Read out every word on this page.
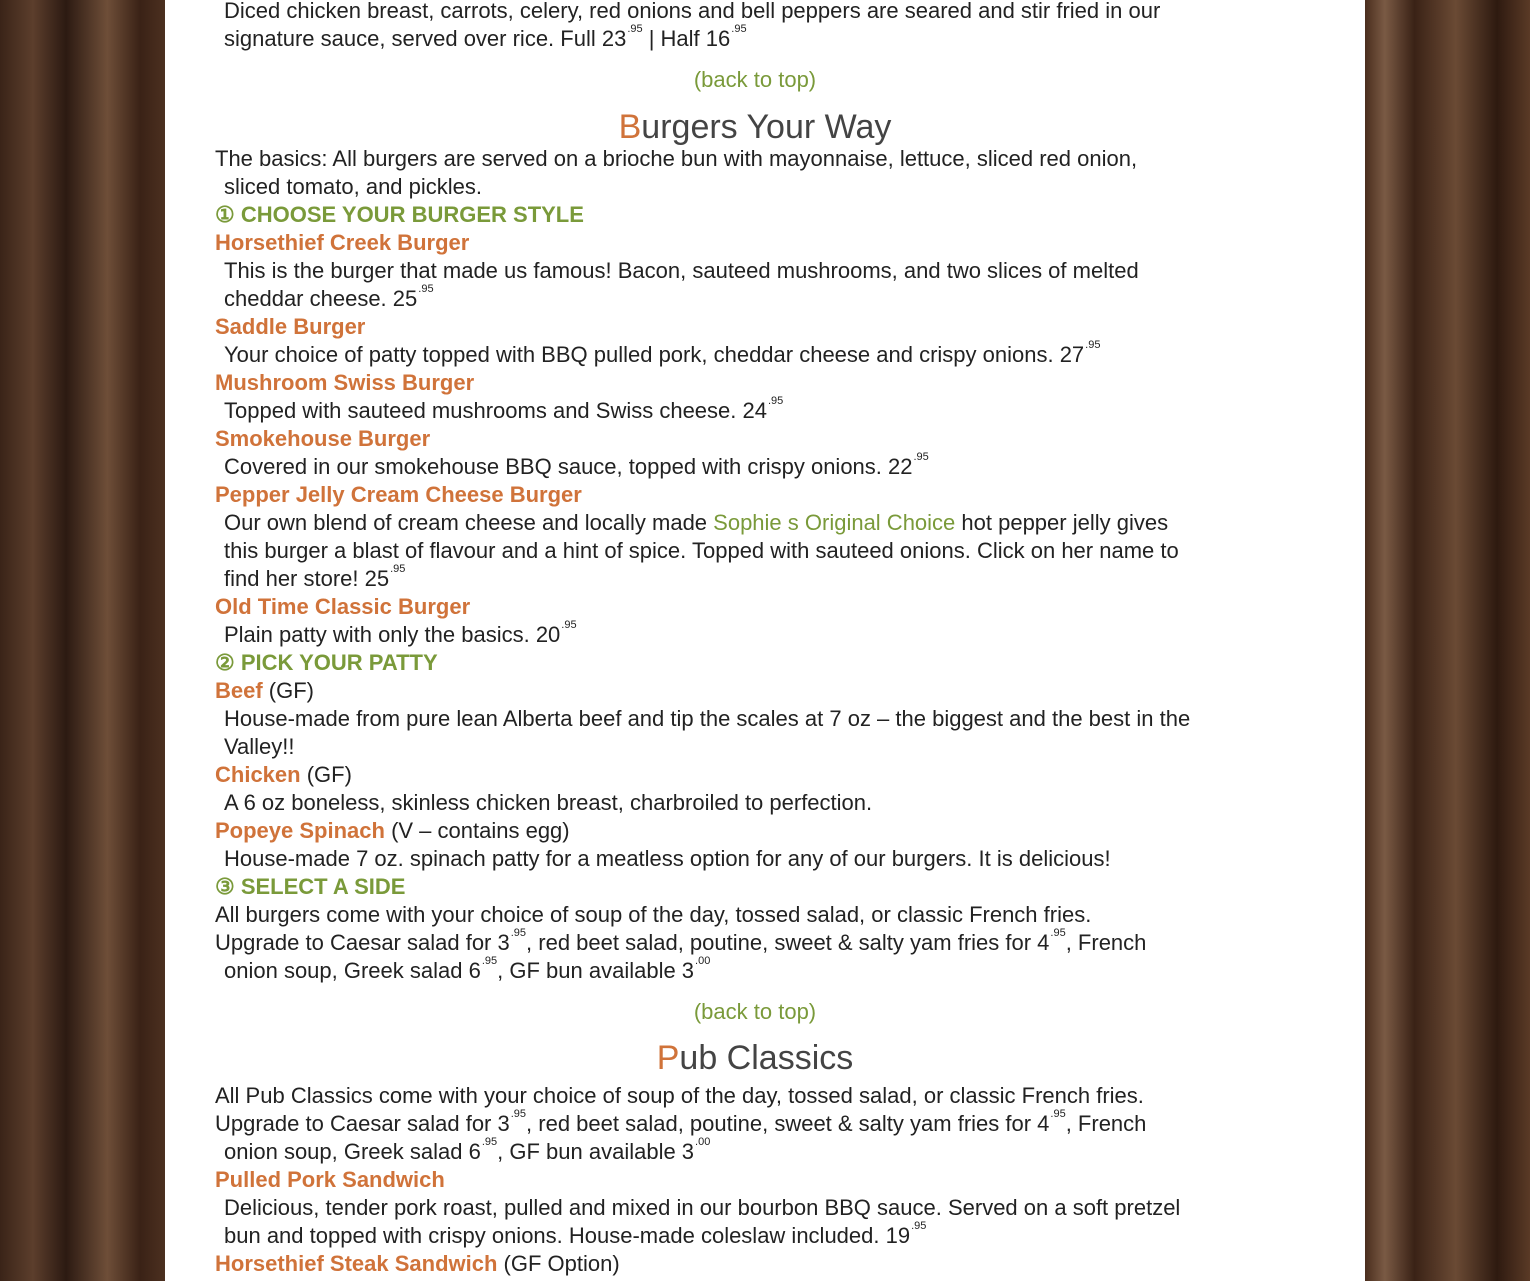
Diced chicken breast, carrots, celery, red onions and bell peppers are seared and stir fried in our
signature sauce, served over rice. Full $23^{.95}$ | Half $16^{.95}$
(back to top)
Burgers Your Way
The basics: All burgers are served on a brioche bun with mayonnaise, lettuce, sliced red onion,
sliced tomato, and pickles.
① CHOOSE YOUR BURGER STYLE
Horsethief Creek Burger
This is the burger that made us famous! Bacon, sauteed mushrooms, and two slices of melted
cheddar cheese. $25^{.95}$
Saddle Burger
Your choice of patty topped with BBQ pulled pork, cheddar cheese and crispy onions. $27^{.95}$
Mushroom Swiss Burger
Topped with sauteed mushrooms and Swiss cheese. $24^{.95}$
Smokehouse Burger
Covered in our smokehouse BBQ sauce, topped with crispy onions. $22^{.95}$
Pepper Jelly Cream Cheese Burger
Our own blend of cream cheese and locally made Sophie s Original Choice hot pepper jelly gives
this burger a blast of flavour and a hint of spice. Topped with sauteed onions. Click on her name to
find her store! $25^{.95}$
Old Time Classic Burger
Plain patty with only the basics. $20^{.95}$
② PICK YOUR PATTY
Beef (GF)
House-made from pure lean Alberta beef and tip the scales at 7 oz – the biggest and the best in the
Valley!!
Chicken (GF)
A 6 oz boneless, skinless chicken breast, charbroiled to perfection.
Popeye Spinach (V – contains egg)
House-made 7 oz. spinach patty for a meatless option for any of our burgers. It is delicious!
③ SELECT A SIDE
All burgers come with your choice of soup of the day, tossed salad, or classic French fries.
Upgrade to Caesar salad for $3^{.95}$, red beet salad, poutine, sweet & salty yam fries for $4^{.95}$, French
onion soup, Greek salad $6^{.95}$, GF bun available $3^{.00}$
(back to top)
Pub Classics
All Pub Classics come with your choice of soup of the day, tossed salad, or classic French fries.
Upgrade to Caesar salad for $3^{.95}$, red beet salad, poutine, sweet & salty yam fries for $4^{.95}$, French
onion soup, Greek salad $6^{.95}$, GF bun available $3^{.00}$
Pulled Pork Sandwich
Delicious, tender pork roast, pulled and mixed in our bourbon BBQ sauce. Served on a soft pretzel
bun and topped with crispy onions. House-made coleslaw included. $19^{.95}$
Horsethief Steak Sandwich (GF Option)
